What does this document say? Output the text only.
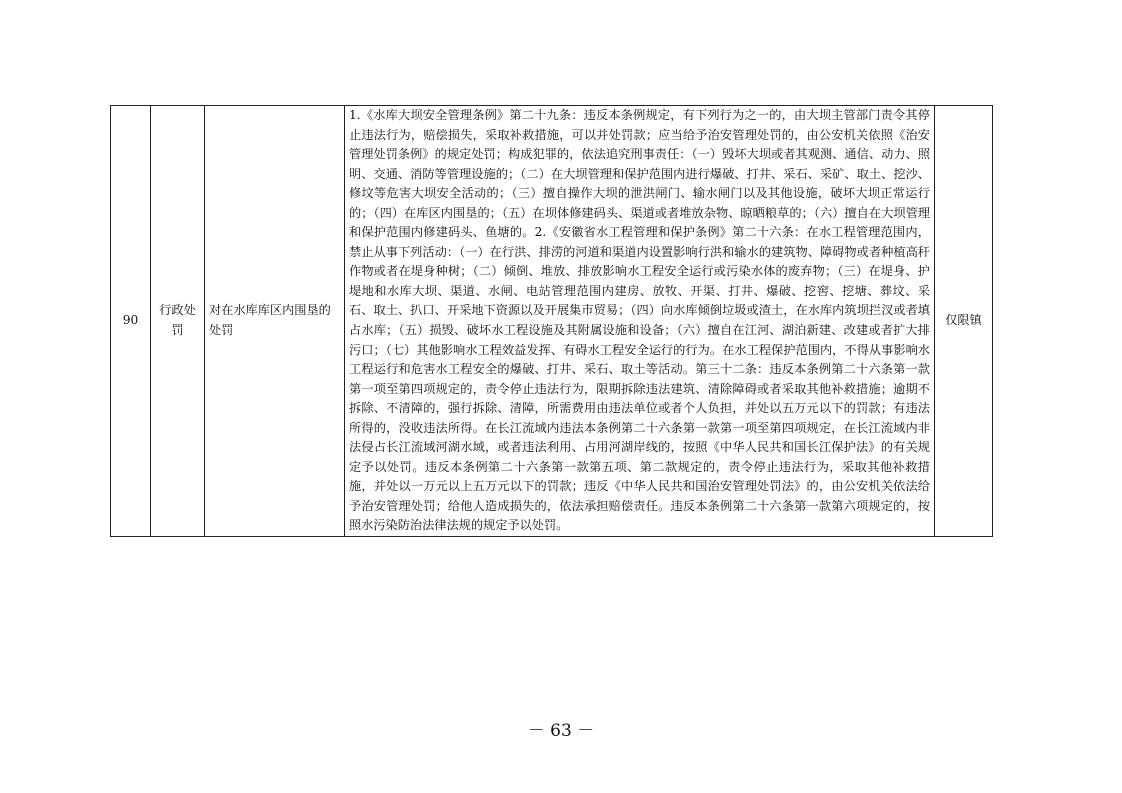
90	行政处罚	对在水库库区内围垦的处罚	1.《水库大坝安全管理条例》第二十九条：违反本条例规定，有下列行为之一的，由大坝主管部门责令其停止违法行为，赔偿损失，采取补救措施，可以并处罚款；应当给予治安管理处罚的，由公安机关依照《治安管理处罚条例》的规定处罚；构成犯罪的，依法追究刑事责任：（一）毁坏大坝或者其观测、通信、动力、照明、交通、消防等管理设施的；（二）在大坝管理和保护范围内进行爆破、打井、采石、采矿、取土、挖沙、修坟等危害大坝安全活动的；（三）擅自操作大坝的泄洪闸门、输水闸门以及其他设施，破坏大坝正常运行的；（四）在库区内围垦的；（五）在坝体修建码头、渠道或者堆放杂物、晾晒粮草的；（六）擅自在大坝管理和保护范围内修建码头、鱼塘的。2.《安徽省水工程管理和保护条例》第二十六条：在水工程管理范围内，禁止从事下列活动：（一）在行洪、排涝的河道和渠道内设置影响行洪和输水的建筑物、障碍物或者种植高秆作物或者在堤身种树；（二）倾倒、堆放、排放影响水工程安全运行或污染水体的废弃物；（三）在堤身、护堤地和水库大坝、渠道、水闸、电站管理范围内建房、放牧、开渠、打井、爆破、挖窖、挖塘、葬坟、采石、取土、扒口、开采地下资源以及开展集市贸易；（四）向水库倾倒垃圾或渣土，在水库内筑坝拦汊或者填占水库；（五）损毁、破坏水工程设施及其附属设施和设备；（六）擅自在江河、湖泊新建、改建或者扩大排污口；（七）其他影响水工程效益发挥、有碍水工程安全运行的行为。在水工程保护范围内，不得从事影响水工程运行和危害水工程安全的爆破、打井、采石、取土等活动。第三十二条：违反本条例第二十六条第一款第一项至第四项规定的，责令停止违法行为，限期拆除违法建筑、清除障碍或者采取其他补救措施；逾期不拆除、不清障的，强行拆除、清障，所需费用由违法单位或者个人负担，并处以五万元以下的罚款；有违法所得的，没收违法所得。在长江流域内违法本条例第二十六条第一款第一项至第四项规定，在长江流域内非法侵占长江流域河湖水域，或者违法利用、占用河湖岸线的，按照《中华人民共和国长江保护法》的有关规定予以处罚。违反本条例第二十六条第一款第五项、第二款规定的，责令停止违法行为，采取其他补救措施，并处以一万元以上五万元以下的罚款；违反《中华人民共和国治安管理处罚法》的，由公安机关依法给予治安管理处罚；给他人造成损失的，依法承担赔偿责任。违反本条例第二十六条第一款第六项规定的，按照水污染防治法律法规的规定予以处罚。	仅限镇
－ 63 －
